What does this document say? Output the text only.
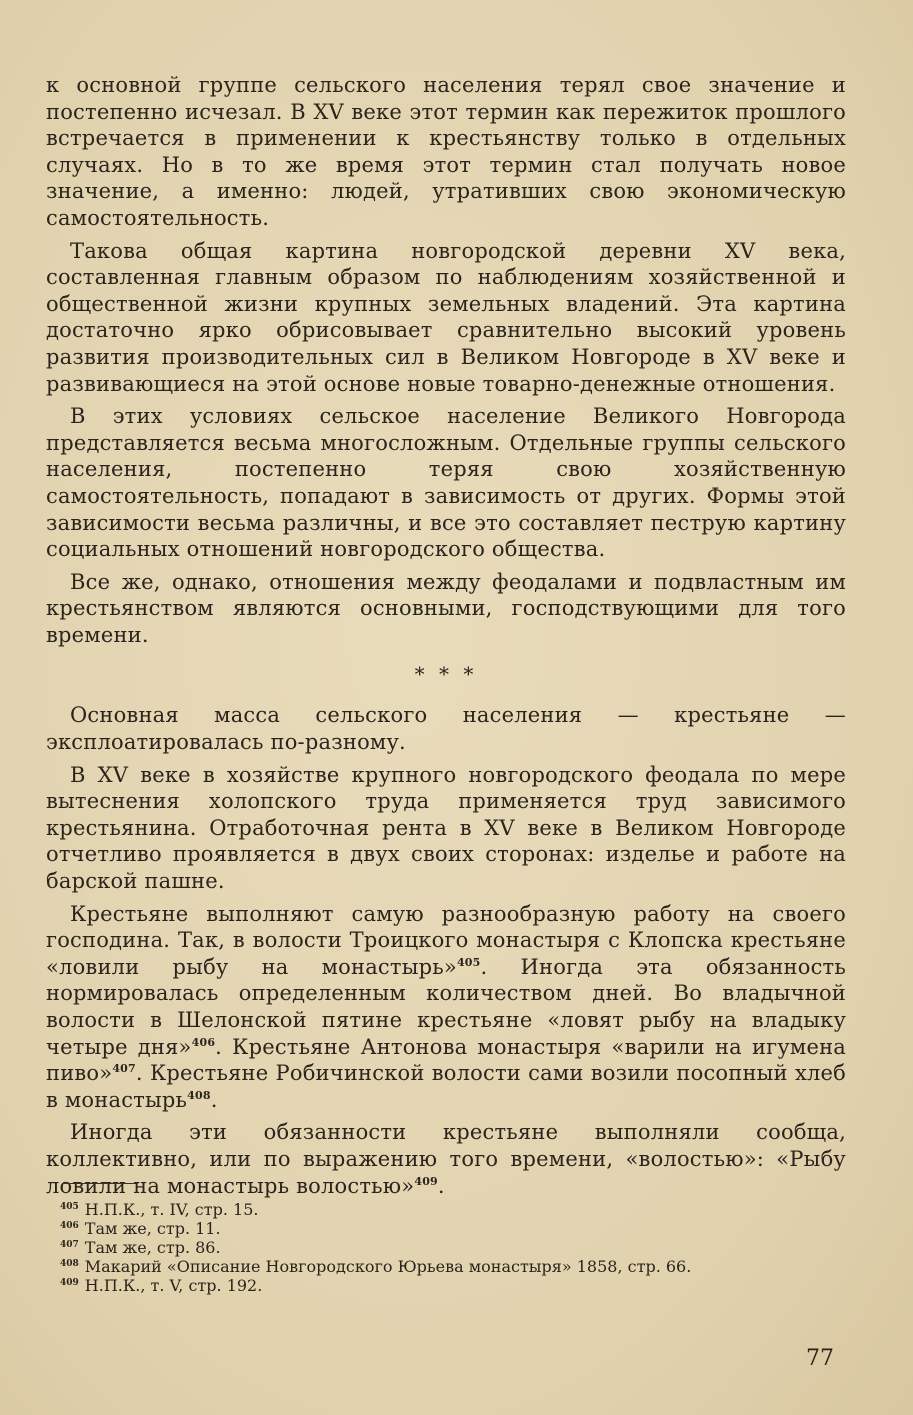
к основной группе сельского населения терял свое значение и постепенно исчезал. В XV веке этот термин как пережиток прошлого встречается в применении к крестьянству только в отдельных случаях. Но в то же время этот термин стал получать новое значение, а именно: людей, утративших свою экономическую самостоятельность.

Такова общая картина новгородской деревни XV века, составленная главным образом по наблюдениям хозяйственной и общественной жизни крупных земельных владений. Эта картина достаточно ярко обрисовывает сравнительно высокий уровень развития производительных сил в Великом Новгороде в XV веке и развивающиеся на этой основе новые товарно-денежные отношения.

В этих условиях сельское население Великого Новгорода представляется весьма многосложным. Отдельные группы сельского населения, постепенно теряя свою хозяйственную самостоятельность, попадают в зависимость от других. Формы этой зависимости весьма различны, и все это составляет пеструю картину социальных отношений новгородского общества.

Все же, однако, отношения между феодалами и подвластным им крестьянством являются основными, господствующими для того времени.

* * *

Основная масса сельского населения — крестьяне — эксплоатировалась по-разному.

В XV веке в хозяйстве крупного новгородского феодала по мере вытеснения холопского труда применяется труд зависимого крестьянина. Отработочная рента в XV веке в Великом Новгороде отчетливо проявляется в двух своих сторонах: изделье и работе на барской пашне.

Крестьяне выполняют самую разнообразную работу на своего господина. Так, в волости Троицкого монастыря с Клопска крестьяне «ловили рыбу на монастырь»$^{405}$. Иногда эта обязанность нормировалась определенным количеством дней. Во владычной волости в Шелонской пятине крестьяне «ловят рыбу на владыку четыре дня»$^{406}$. Крестьяне Антонова монастыря «варили на игумена пиво»$^{407}$. Крестьяне Робичинской волости сами возили посопный хлеб в монастырь$^{408}$.

Иногда эти обязанности крестьяне выполняли сообща, коллективно, или по выражению того времени, «волостью»: «Рыбу ловили на монастырь волостью»$^{409}$.

$^{405}$ Н.П.К., т. IV, стр. 15.
$^{406}$ Там же, стр. 11.
$^{407}$ Там же, стр. 86.
$^{408}$ Макарий «Описание Новгородского Юрьева монастыря» 1858, стр. 66.
$^{409}$ Н.П.К., т. V, стр. 192.
77
